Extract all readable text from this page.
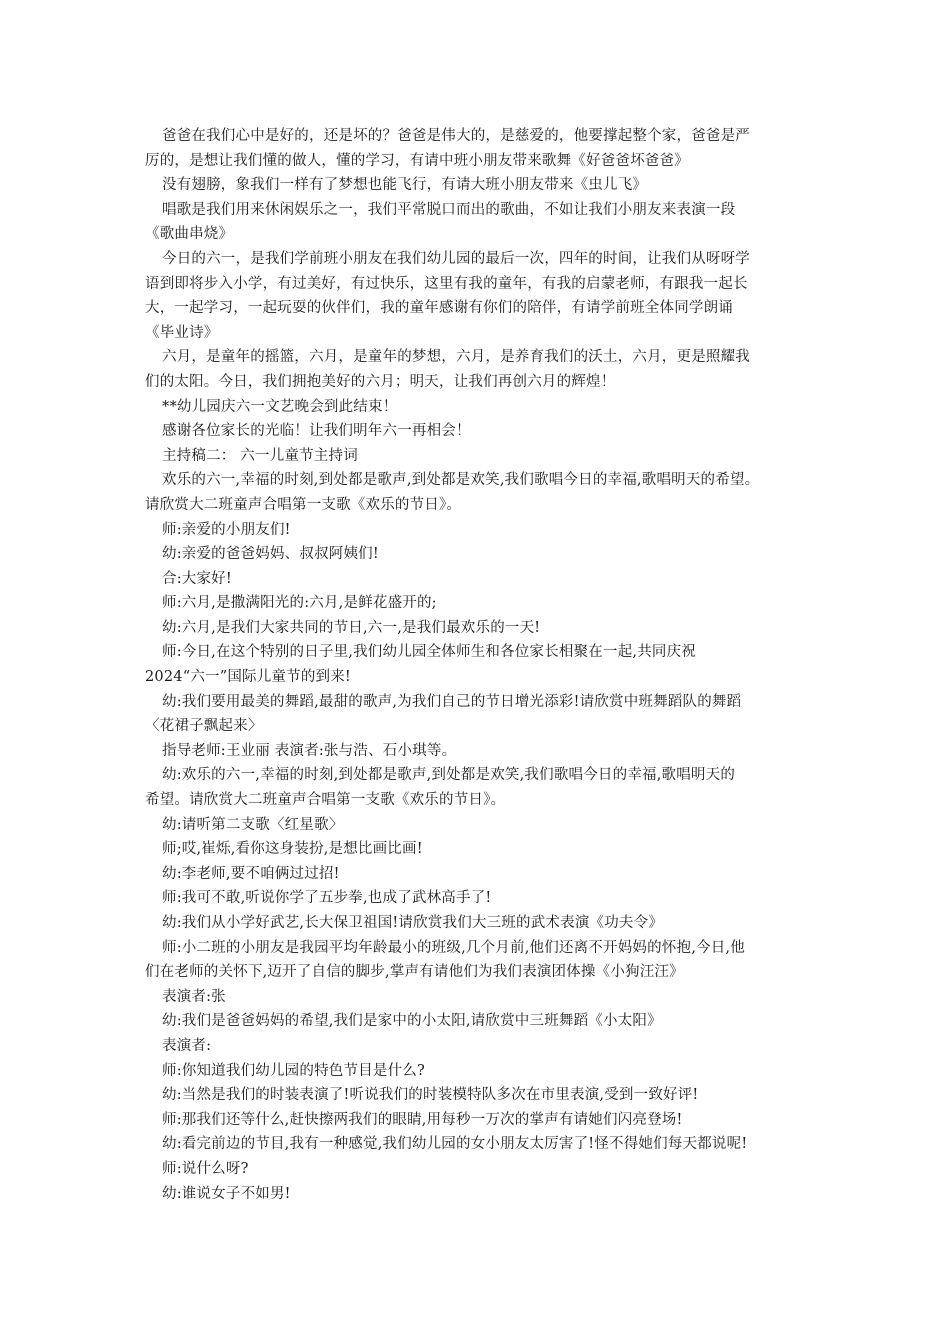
爸爸在我们心中是好的，还是坏的？爸爸是伟大的，是慈爱的，他要撑起整个家，爸爸是严

厉的，是想让我们懂的做人，懂的学习，有请中班小朋友带来歌舞《好爸爸坏爸爸》

没有翅膀，象我们一样有了梦想也能飞行，有请大班小朋友带来《虫儿飞》

唱歌是我们用来休闲娱乐之一，我们平常脱口而出的歌曲，不如让我们小朋友来表演一段

《歌曲串烧》

今日的六一，是我们学前班小朋友在我们幼儿园的最后一次，四年的时间，让我们从呀呀学

语到即将步入小学，有过美好，有过快乐，这里有我的童年，有我的启蒙老师，有跟我一起长

大，一起学习，一起玩耍的伙伴们，我的童年感谢有你们的陪伴，有请学前班全体同学朗诵

《毕业诗》

六月，是童年的摇篮，六月，是童年的梦想，六月，是养育我们的沃土，六月，更是照耀我

们的太阳。今日，我们拥抱美好的六月；明天，让我们再创六月的辉煌！

**幼儿园庆六一文艺晚会到此结束！

感谢各位家长的光临！让我们明年六一再相会！

主持稿二： 六一儿童节主持词

欢乐的六一,幸福的时刻,到处都是歌声,到处都是欢笑,我们歌唱今日的幸福,歌唱明天的希望。

请欣赏大二班童声合唱第一支歌《欢乐的节日》。

师:亲爱的小朋友们!

幼:亲爱的爸爸妈妈、叔叔阿姨们!

合:大家好!

师:六月,是撒满阳光的:六月,是鲜花盛开的;

幼:六月,是我们大家共同的节日,六一,是我们最欢乐的一天!

师:今日,在这个特别的日子里,我们幼儿园全体师生和各位家长相聚在一起,共同庆祝

2024“六一”国际儿童节的到来!

幼:我们要用最美的舞蹈,最甜的歌声,为我们自己的节日增光添彩!请欣赏中班舞蹈队的舞蹈

〈花裙子飘起来〉

指导老师:王业丽 表演者:张与浩、石小琪等。

幼:欢乐的六一,幸福的时刻,到处都是歌声,到处都是欢笑,我们歌唱今日的幸福,歌唱明天的

希望。请欣赏大二班童声合唱第一支歌《欢乐的节日》。

幼:请听第二支歌〈红星歌〉

师;哎,崔烁,看你这身装扮,是想比画比画!

幼:李老师,要不咱俩过过招!

师:我可不敢,听说你学了五步拳,也成了武林高手了!

幼:我们从小学好武艺,长大保卫祖国!请欣赏我们大三班的武术表演《功夫令》

师:小二班的小朋友是我园平均年龄最小的班级,几个月前,他们还离不开妈妈的怀抱,今日,他

们在老师的关怀下,迈开了自信的脚步,掌声有请他们为我们表演团体操《小狗汪汪》

表演者:张

幼:我们是爸爸妈妈的希望,我们是家中的小太阳,请欣赏中三班舞蹈《小太阳》

表演者:

师:你知道我们幼儿园的特色节目是什么?

幼:当然是我们的时装表演了!听说我们的时装模特队多次在市里表演,受到一致好评!

师:那我们还等什么,赶快擦两我们的眼睛,用每秒一万次的掌声有请她们闪亮登场!

幼:看完前边的节目,我有一种感觉,我们幼儿园的女小朋友太厉害了!怪不得她们每天都说呢!

师:说什么呀?

幼:谁说女子不如男!
